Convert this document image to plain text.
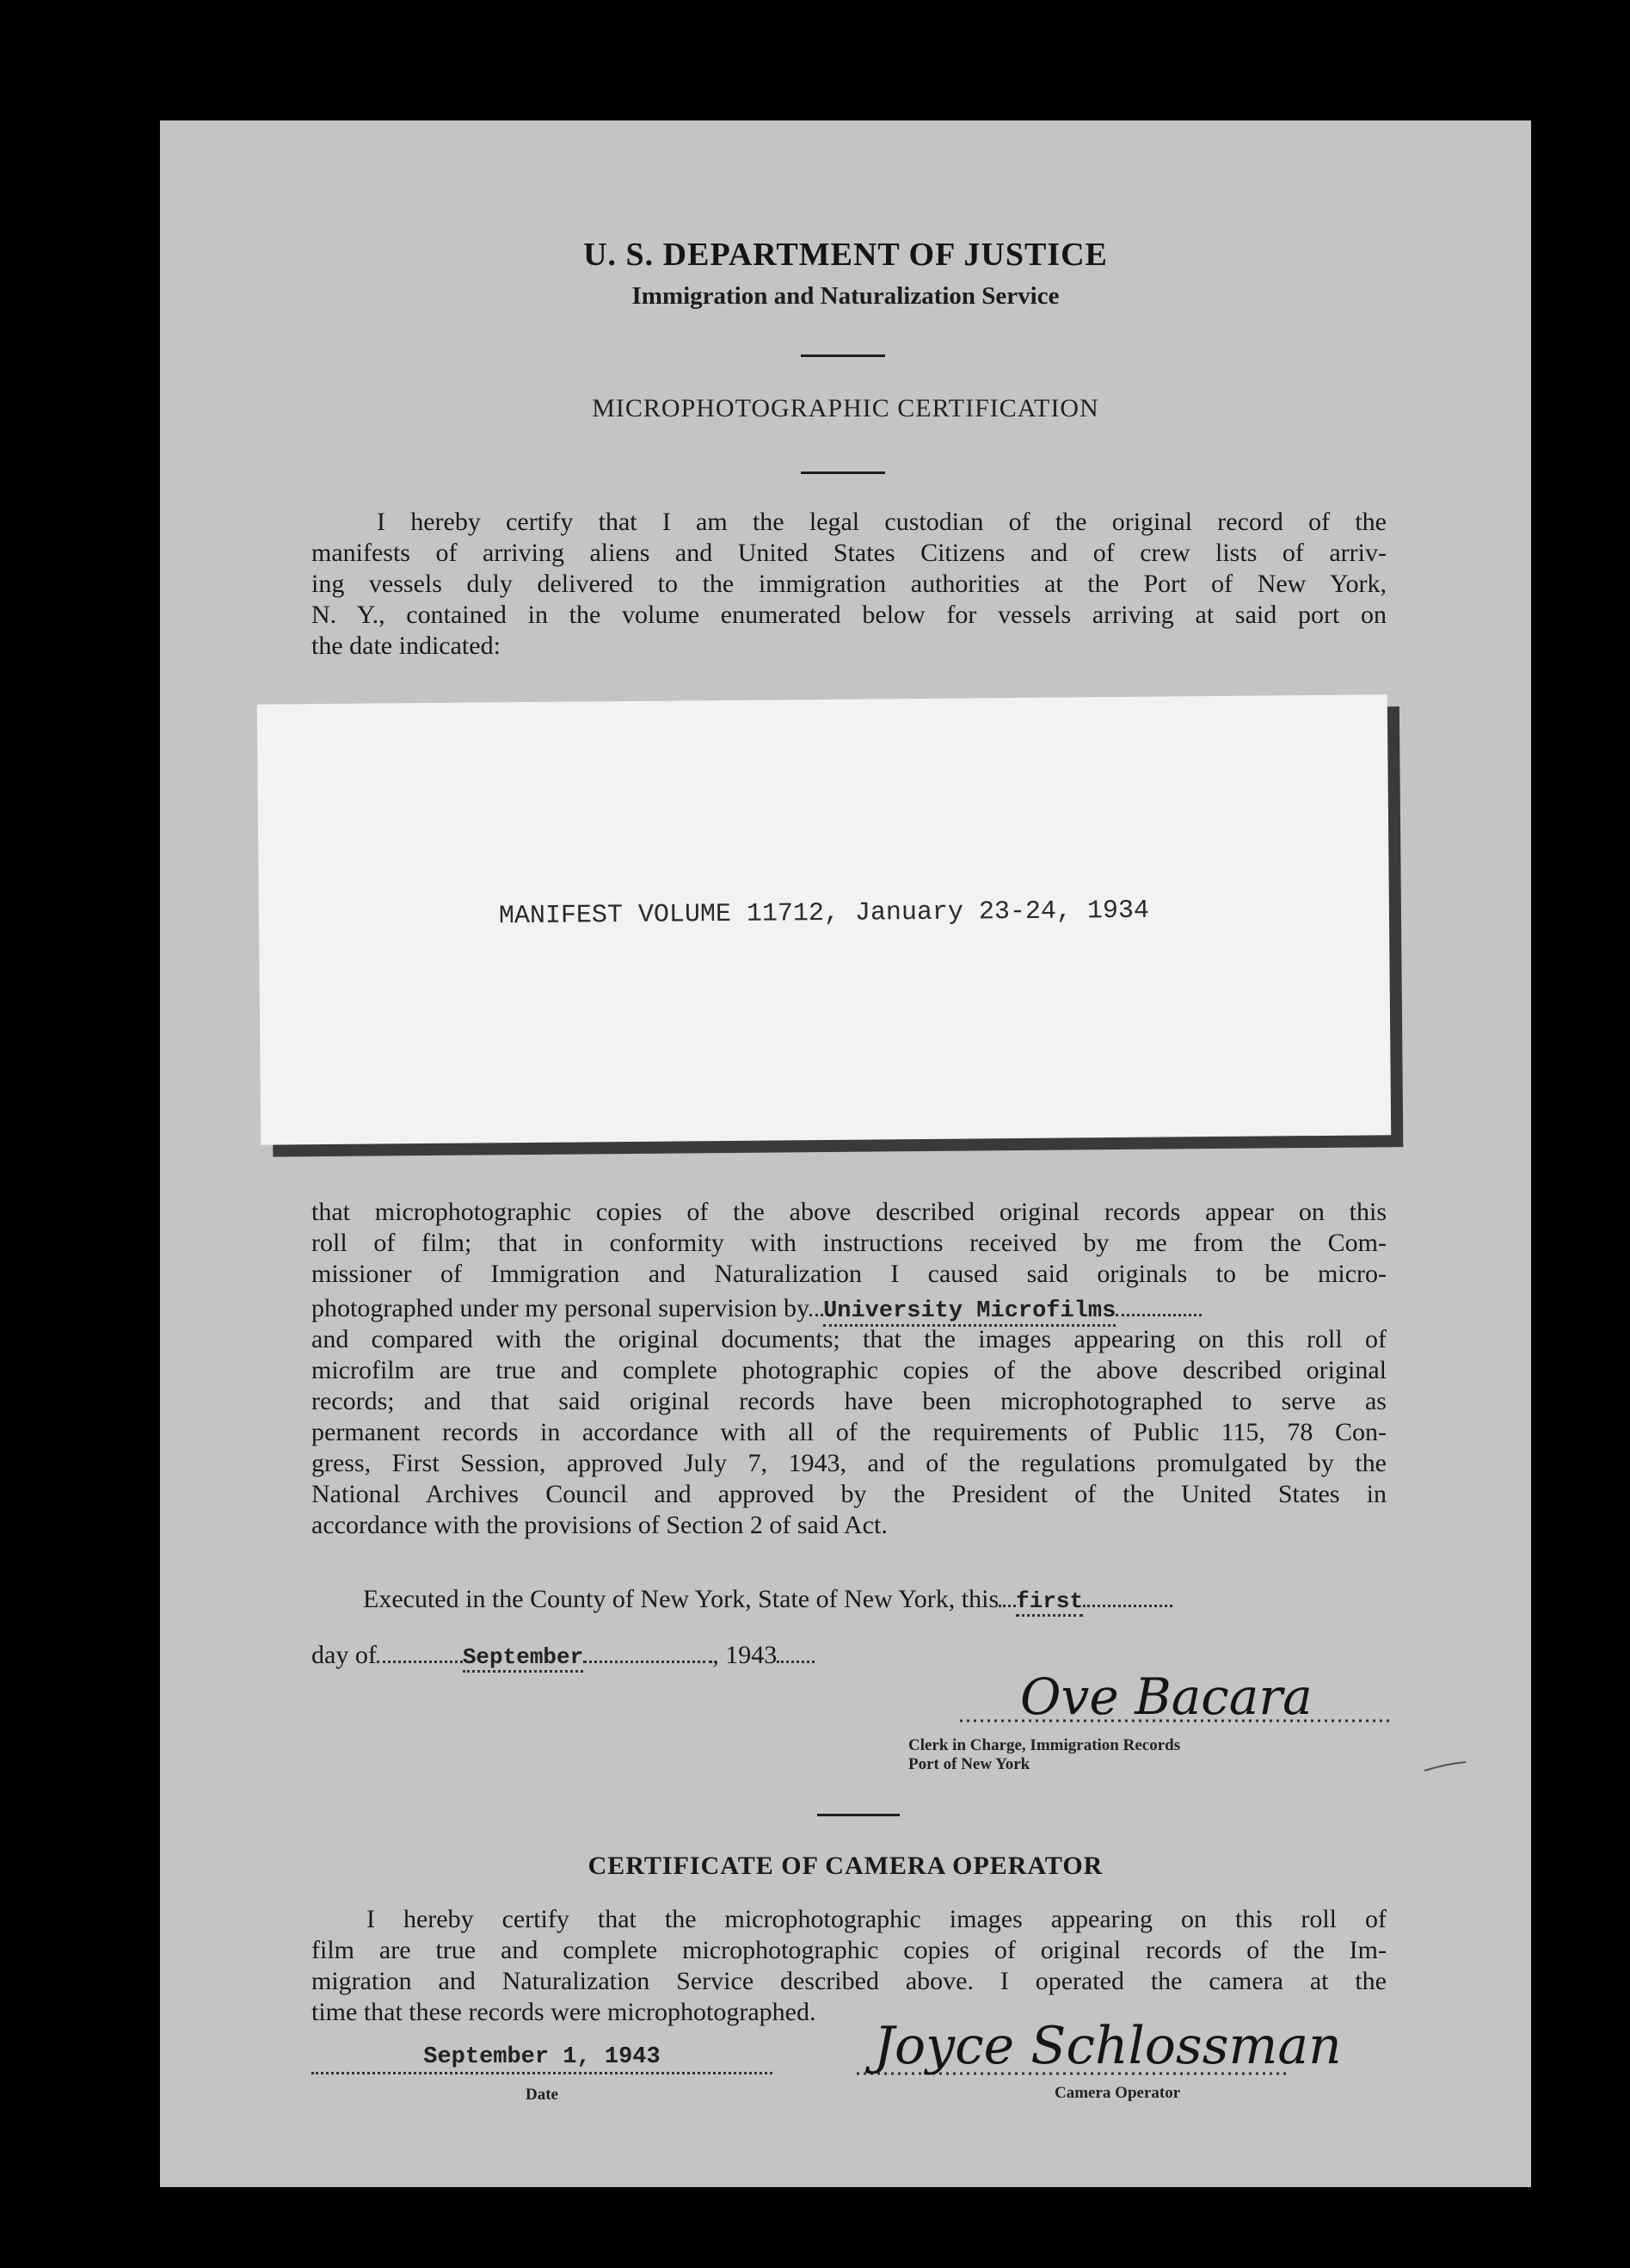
U. S. DEPARTMENT OF JUSTICE
Immigration and Naturalization Service
MICROPHOTOGRAPHIC CERTIFICATION
I hereby certify that I am the legal custodian of the original record of the
manifests of arriving aliens and United States Citizens and of crew lists of arriv-
ing vessels duly delivered to the immigration authorities at the Port of New York,
N. Y., contained in the volume enumerated below for vessels arriving at said port on
the date indicated:
MANIFEST VOLUME 11712, January 23-24, 1934
that microphotographic copies of the above described original records appear on this
roll of film; that in conformity with instructions received by me from the Com-
missioner of Immigration and Naturalization I caused said originals to be micro-
photographed under my personal supervision by University Microfilms
and compared with the original documents; that the images appearing on this roll of
microfilm are true and complete photographic copies of the above described original
records; and that said original records have been microphotographed to serve as
permanent records in accordance with all of the requirements of Public 115, 78 Con-
gress, First Session, approved July 7, 1943, and of the regulations promulgated by the
National Archives Council and approved by the President of the United States in
accordance with the provisions of Section 2 of said Act.
Executed in the County of New York, State of New York, this first
day of	September	, 1943
Ove Bacara
Clerk in Charge, Immigration Records
Port of New York
CERTIFICATE OF CAMERA OPERATOR
I hereby certify that the microphotographic images appearing on this roll of
film are true and complete microphotographic copies of original records of the Im-
migration and Naturalization Service described above. I operated the camera at the
time that these records were microphotographed.
September 1, 1943
Date
Joyce Schlossman
Camera Operator
